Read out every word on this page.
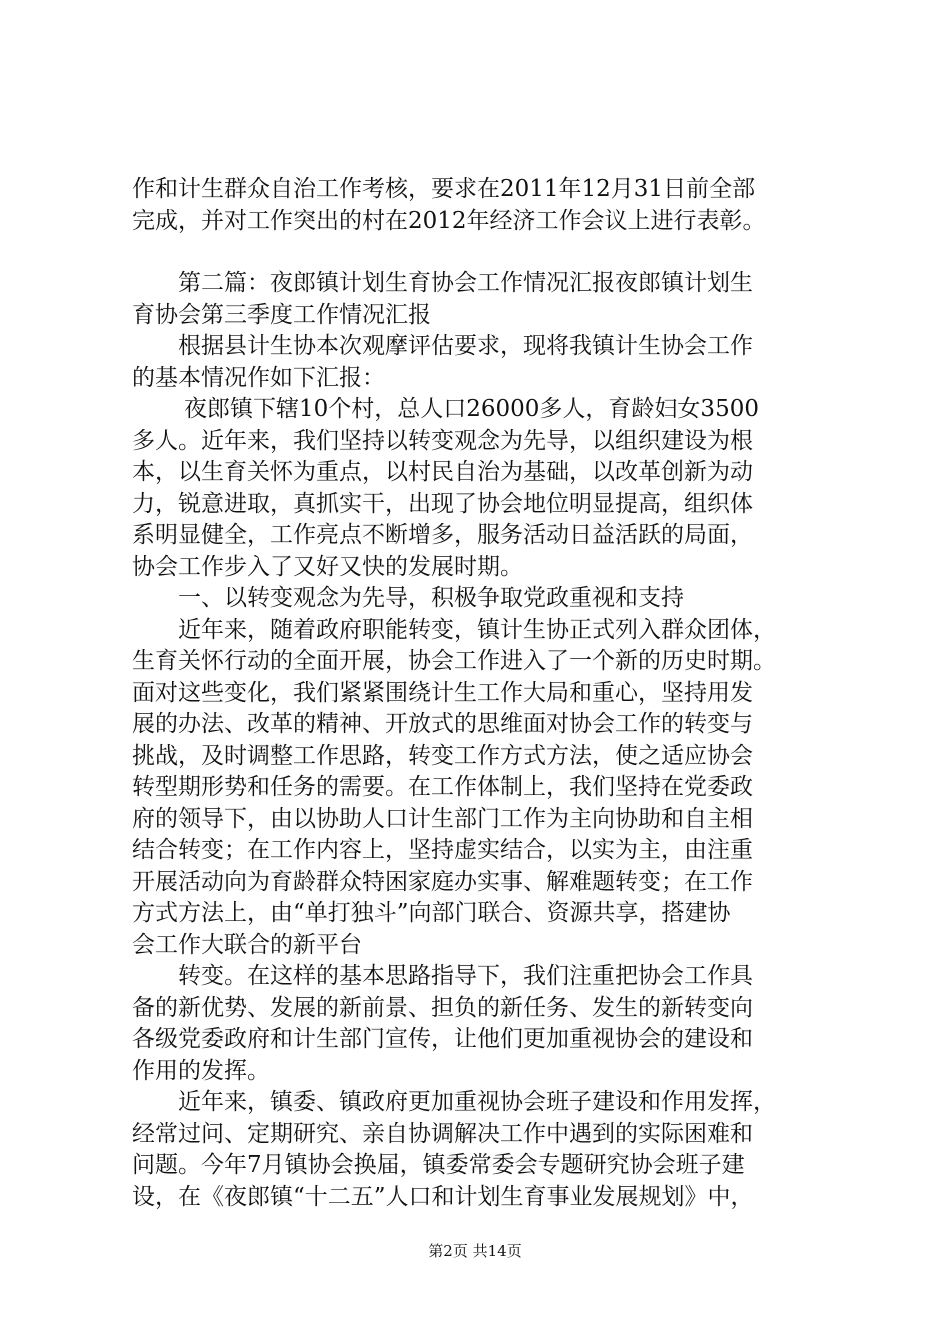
作和计生群众自治工作考核，要求在2011年12月31日前全部
完成，并对工作突出的村在2012年经济工作会议上进行表彰。
第二篇：夜郎镇计划生育协会工作情况汇报夜郎镇计划生
育协会第三季度工作情况汇报
根据县计生协本次观摩评估要求，现将我镇计生协会工作
的基本情况作如下汇报：
夜郎镇下辖10个村，总人口26000多人，育龄妇女3500
多人。近年来，我们坚持以转变观念为先导，以组织建设为根
本，以生育关怀为重点，以村民自治为基础，以改革创新为动
力，锐意进取，真抓实干，出现了协会地位明显提高，组织体
系明显健全，工作亮点不断增多，服务活动日益活跃的局面，
协会工作步入了又好又快的发展时期。
一、以转变观念为先导，积极争取党政重视和支持
近年来，随着政府职能转变，镇计生协正式列入群众团体，
生育关怀行动的全面开展，协会工作进入了一个新的历史时期。
面对这些变化，我们紧紧围绕计生工作大局和重心，坚持用发
展的办法、改革的精神、开放式的思维面对协会工作的转变与
挑战，及时调整工作思路，转变工作方式方法，使之适应协会
转型期形势和任务的需要。在工作体制上，我们坚持在党委政
府的领导下，由以协助人口计生部门工作为主向协助和自主相
结合转变；在工作内容上，坚持虚实结合，以实为主，由注重
开展活动向为育龄群众特困家庭办实事、解难题转变；在工作
方式方法上，由“单打独斗”向部门联合、资源共享，搭建协
会工作大联合的新平台
转变。在这样的基本思路指导下，我们注重把协会工作具
备的新优势、发展的新前景、担负的新任务、发生的新转变向
各级党委政府和计生部门宣传，让他们更加重视协会的建设和
作用的发挥。
近年来，镇委、镇政府更加重视协会班子建设和作用发挥，
经常过问、定期研究、亲自协调解决工作中遇到的实际困难和
问题。今年7月镇协会换届，镇委常委会专题研究协会班子建
设，在《夜郎镇“十二五”人口和计划生育事业发展规划》中，
第2页 共14页
